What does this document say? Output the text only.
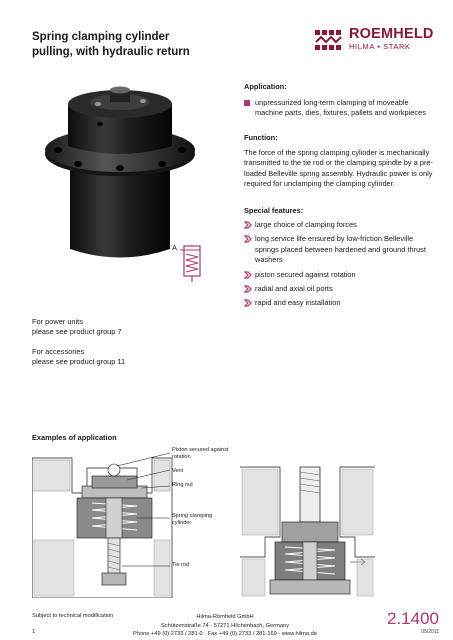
Spring clamping cylinder
pulling, with hydraulic return
ROEMHELD
HILMA ▪ STARK
A
Application:
unpressurized long-term clamping of moveable machine parts, dies, fixtures, pallets and workpieces
Function:
The force of the spring clamping cylinder is mechanically transmitted to the tie rod or the clamping spindle by a pre-loaded Belleville spring assembly. Hydraulic power is only required for unclamping the clamping cylinder.
Special features:
large choice of clamping forces
long service life ensured by low-friction Belleville springs placed between hardened and ground thrust washers
piston secured against rotation
radial and axial oil ports
rapid and easy installation
For power units
please see product group 7
For accessories
please see product group 11
Examples of application
Piston secured against rotation
Vent
Ring nut
Spring clamping cylinder
Tie rod
Subject to technical modification
1
Hilma-Römheld GmbH
Schützenstraße 74 · 57271 Hilchenbach, Germany
Phone +49 (0) 2733 / 281-0 · Fax +49 (0) 2733 / 281-169 · www.hilma.de
2.1400
05/2011
